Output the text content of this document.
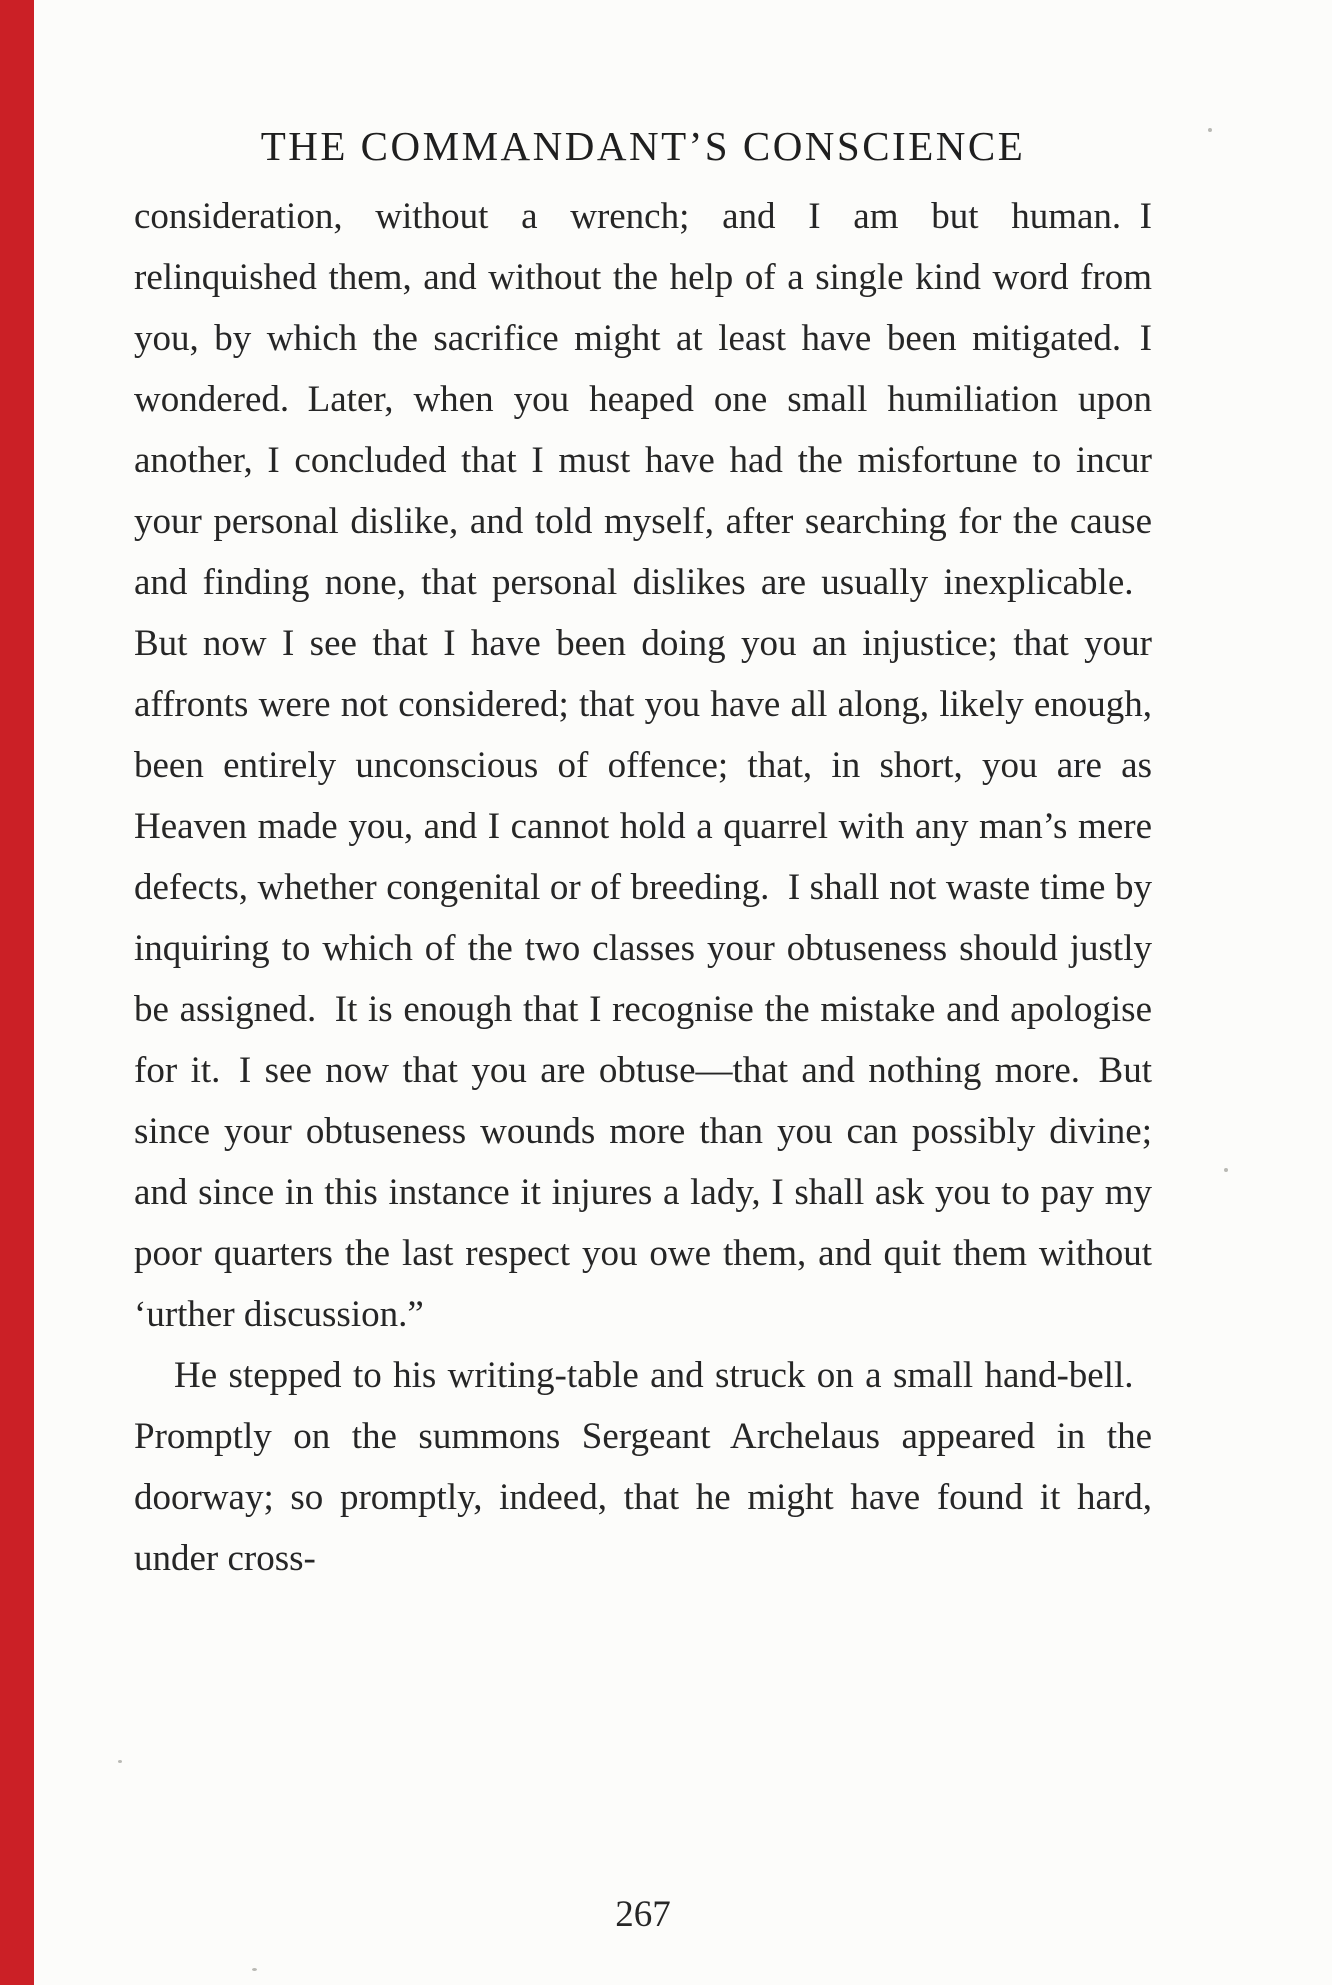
THE COMMANDANT’S CONSCIENCE

consideration, without a wrench; and I am but human. I relinquished them, and without the help of a single kind word from you, by which the sacrifice might at least have been mitigated. I wondered. Later, when you heaped one small humiliation upon another, I concluded that I must have had the misfortune to incur your personal dislike, and told myself, after searching for the cause and finding none, that personal dislikes are usually inexplicable. But now I see that I have been doing you an injustice; that your affronts were not considered; that you have all along, likely enough, been entirely unconscious of offence; that, in short, you are as Heaven made you, and I cannot hold a quarrel with any man’s mere defects, whether congenital or of breeding. I shall not waste time by inquiring to which of the two classes your obtuseness should justly be assigned. It is enough that I recognise the mistake and apologise for it. I see now that you are obtuse—that and nothing more. But since your obtuseness wounds more than you can possibly divine; and since in this instance it injures a lady, I shall ask you to pay my poor quarters the last respect you owe them, and quit them without ‘urther discussion.”

He stepped to his writing-table and struck on a small hand-bell. Promptly on the summons Sergeant Archelaus appeared in the doorway; so promptly, indeed, that he might have found it hard, under cross-

267
